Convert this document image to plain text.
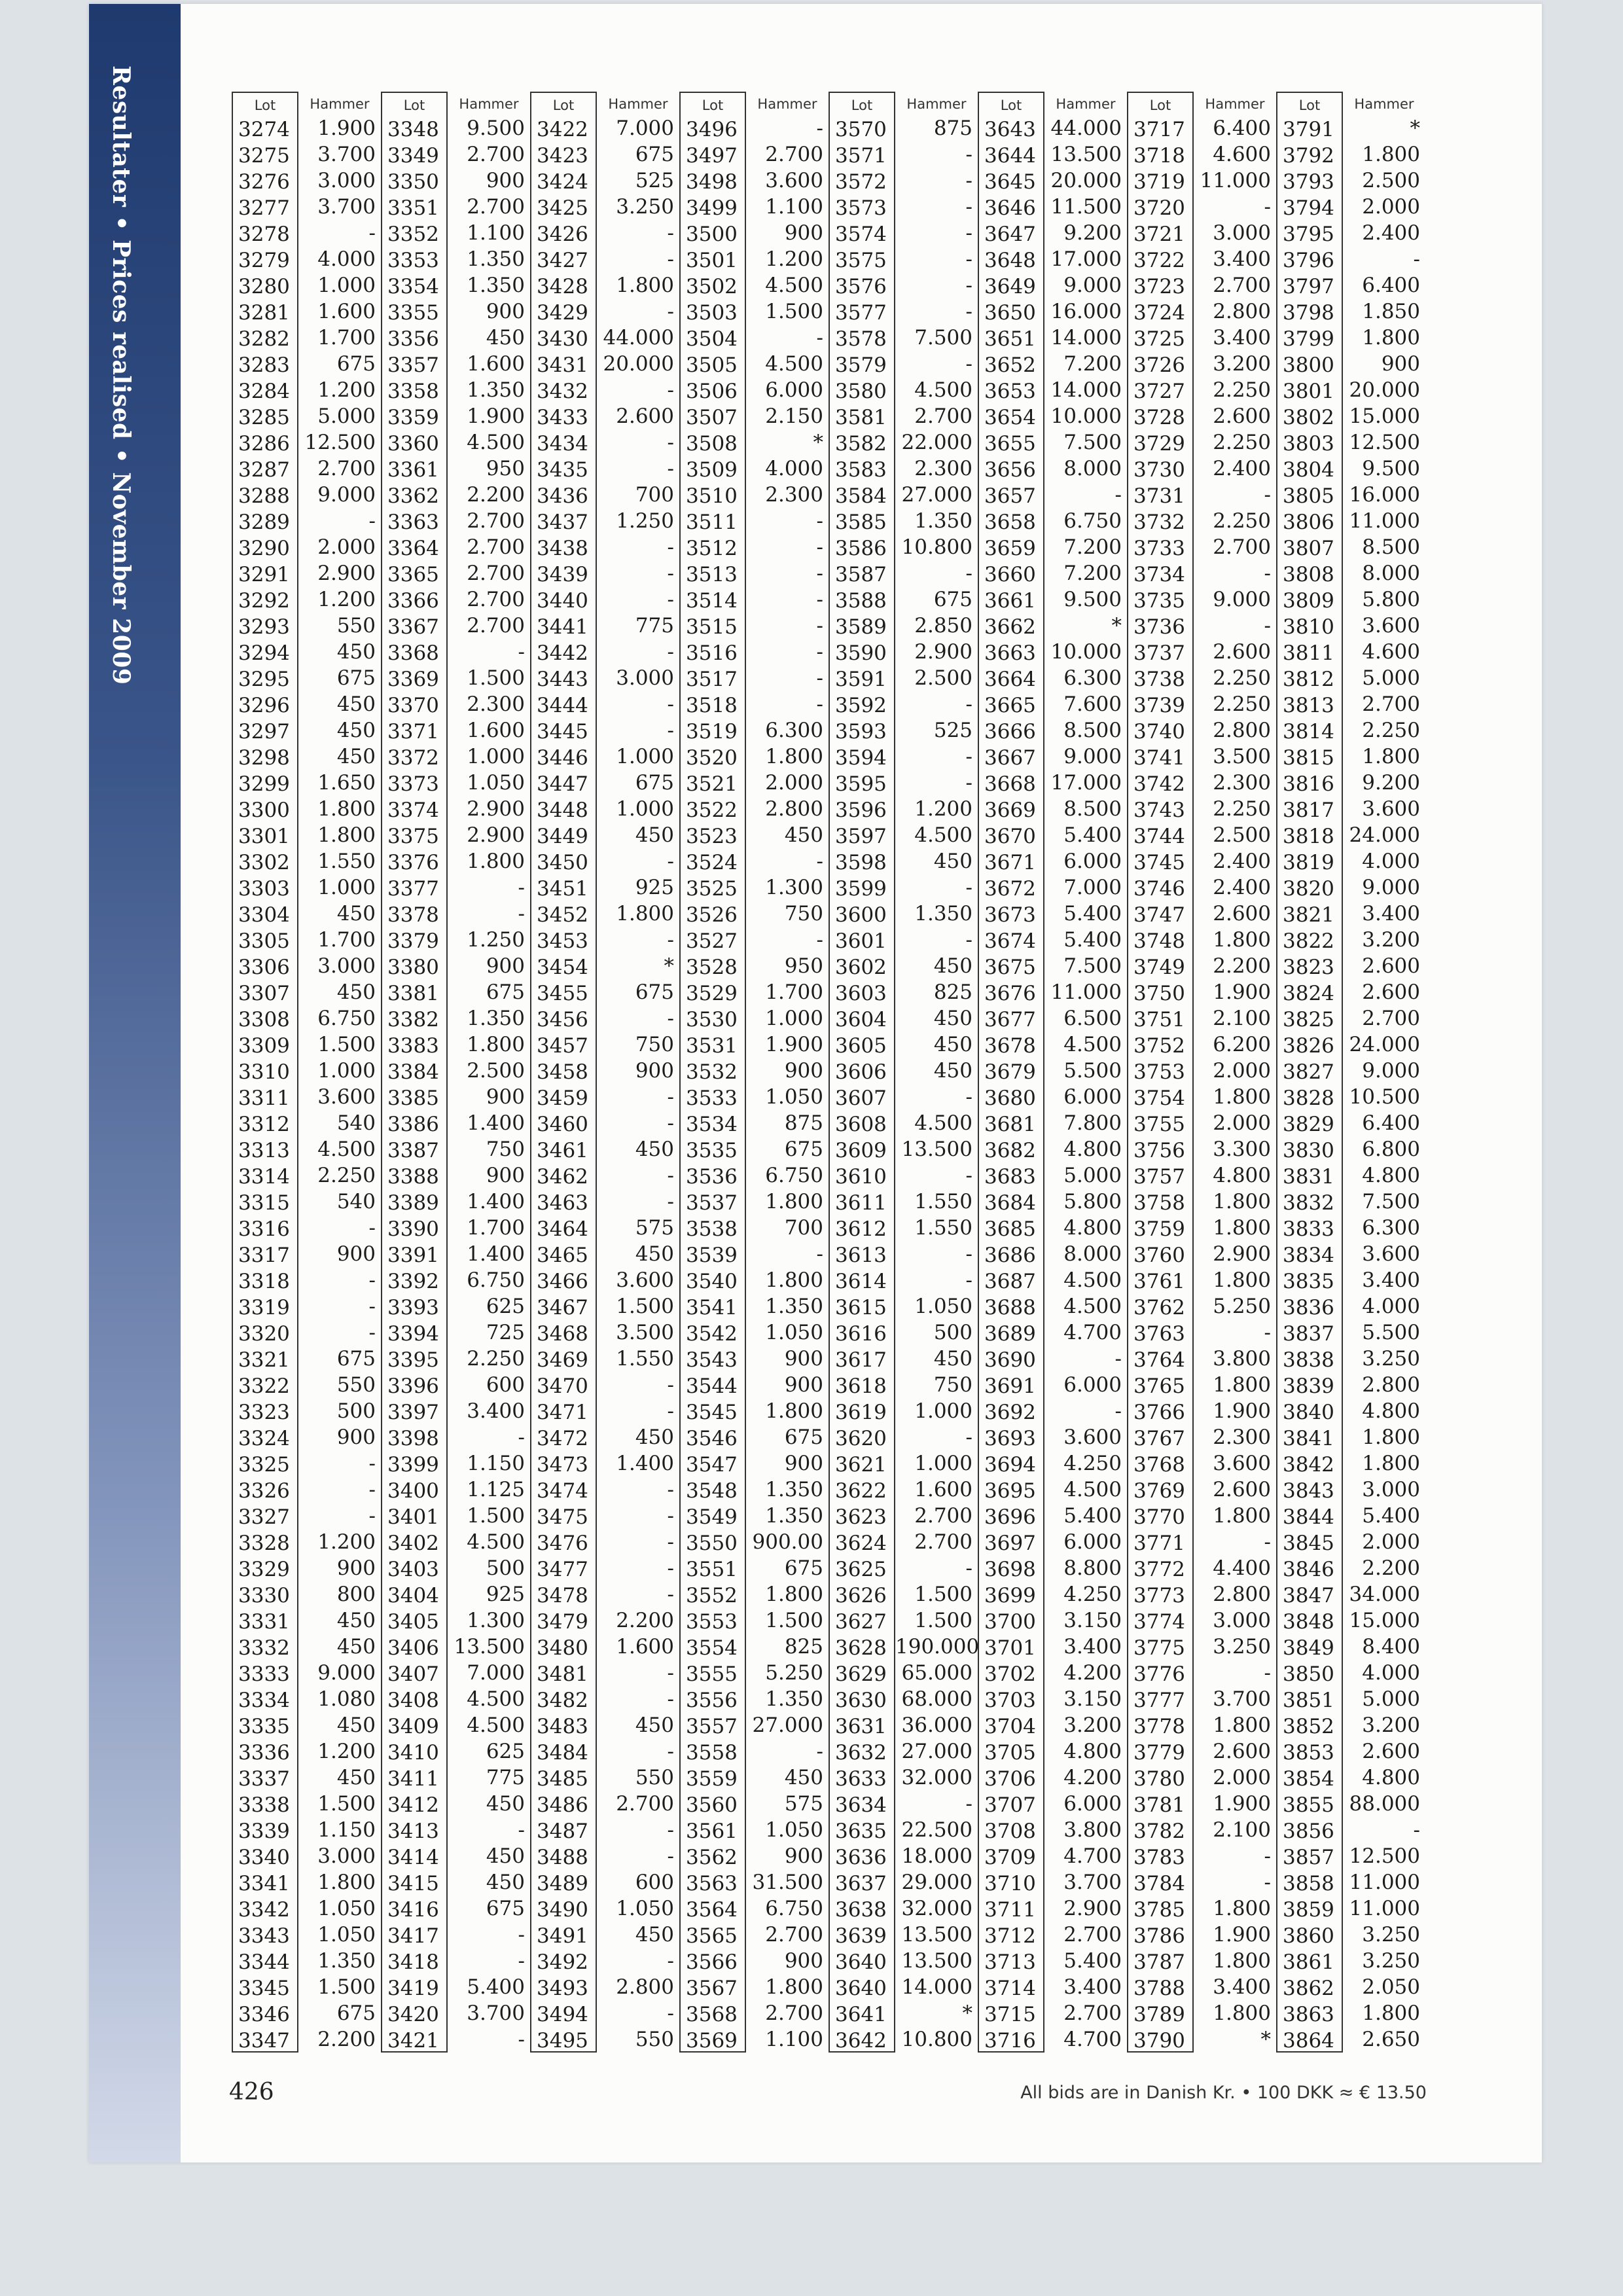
Resultater • Prices realised • November 2009	Lot
3274
3275
3276
3277
3278
3279
3280
3281
3282
3283
3284
3285
3286
3287
3288
3289
3290
3291
3292
3293
3294
3295
3296
3297
3298
3299
3300
3301
3302
3303
3304
3305
3306
3307
3308
3309
3310
3311
3312
3313
3314
3315
3316
3317
3318
3319
3320
3321
3322
3323
3324
3325
3326
3327
3328
3329
3330
3331
3332
3333
3334
3335
3336
3337
3338
3339
3340
3341
3342
3343
3344
3345
3346
3347
Hammer
1.900
3.700
3.000
3.700
-
4.000
1.000
1.600
1.700
675
1.200
5.000
12.500
2.700
9.000
-
2.000
2.900
1.200
550
450
675
450
450
450
1.650
1.800
1.800
1.550
1.000
450
1.700
3.000
450
6.750
1.500
1.000
3.600
540
4.500
2.250
540
-
900
-
-
-
675
550
500
900
-
-
-
1.200
900
800
450
450
9.000
1.080
450
1.200
450
1.500
1.150
3.000
1.800
1.050
1.050
1.350
1.500
675
2.200
Lot
3348
3349
3350
3351
3352
3353
3354
3355
3356
3357
3358
3359
3360
3361
3362
3363
3364
3365
3366
3367
3368
3369
3370
3371
3372
3373
3374
3375
3376
3377
3378
3379
3380
3381
3382
3383
3384
3385
3386
3387
3388
3389
3390
3391
3392
3393
3394
3395
3396
3397
3398
3399
3400
3401
3402
3403
3404
3405
3406
3407
3408
3409
3410
3411
3412
3413
3414
3415
3416
3417
3418
3419
3420
3421
Hammer
9.500
2.700
900
2.700
1.100
1.350
1.350
900
450
1.600
1.350
1.900
4.500
950
2.200
2.700
2.700
2.700
2.700
2.700
-
1.500
2.300
1.600
1.000
1.050
2.900
2.900
1.800
-
-
1.250
900
675
1.350
1.800
2.500
900
1.400
750
900
1.400
1.700
1.400
6.750
625
725
2.250
600
3.400
-
1.150
1.125
1.500
4.500
500
925
1.300
13.500
7.000
4.500
4.500
625
775
450
-
450
450
675
-
-
5.400
3.700
-
Lot
3422
3423
3424
3425
3426
3427
3428
3429
3430
3431
3432
3433
3434
3435
3436
3437
3438
3439
3440
3441
3442
3443
3444
3445
3446
3447
3448
3449
3450
3451
3452
3453
3454
3455
3456
3457
3458
3459
3460
3461
3462
3463
3464
3465
3466
3467
3468
3469
3470
3471
3472
3473
3474
3475
3476
3477
3478
3479
3480
3481
3482
3483
3484
3485
3486
3487
3488
3489
3490
3491
3492
3493
3494
3495
Hammer
7.000
675
525
3.250
-
-
1.800
-
44.000
20.000
-
2.600
-
-
700
1.250
-
-
-
775
-
3.000
-
-
1.000
675
1.000
450
-
925
1.800
-
*
675
-
750
900
-
-
450
-
-
575
450
3.600
1.500
3.500
1.550
-
-
450
1.400
-
-
-
-
-
2.200
1.600
-
-
450
-
550
2.700
-
-
600
1.050
450
-
2.800
-
550
Lot
3496
3497
3498
3499
3500
3501
3502
3503
3504
3505
3506
3507
3508
3509
3510
3511
3512
3513
3514
3515
3516
3517
3518
3519
3520
3521
3522
3523
3524
3525
3526
3527
3528
3529
3530
3531
3532
3533
3534
3535
3536
3537
3538
3539
3540
3541
3542
3543
3544
3545
3546
3547
3548
3549
3550
3551
3552
3553
3554
3555
3556
3557
3558
3559
3560
3561
3562
3563
3564
3565
3566
3567
3568
3569
Hammer
-
2.700
3.600
1.100
900
1.200
4.500
1.500
-
4.500
6.000
2.150
*
4.000
2.300
-
-
-
-
-
-
-
-
6.300
1.800
2.000
2.800
450
-
1.300
750
-
950
1.700
1.000
1.900
900
1.050
875
675
6.750
1.800
700
-
1.800
1.350
1.050
900
900
1.800
675
900
1.350
1.350
900.00
675
1.800
1.500
825
5.250
1.350
27.000
-
450
575
1.050
900
31.500
6.750
2.700
900
1.800
2.700
1.100
Lot
3570
3571
3572
3573
3574
3575
3576
3577
3578
3579
3580
3581
3582
3583
3584
3585
3586
3587
3588
3589
3590
3591
3592
3593
3594
3595
3596
3597
3598
3599
3600
3601
3602
3603
3604
3605
3606
3607
3608
3609
3610
3611
3612
3613
3614
3615
3616
3617
3618
3619
3620
3621
3622
3623
3624
3625
3626
3627
3628
3629
3630
3631
3632
3633
3634
3635
3636
3637
3638
3639
3640
3640
3641
3642
Hammer
875
-
-
-
-
-
-
-
7.500
-
4.500
2.700
22.000
2.300
27.000
1.350
10.800
-
675
2.850
2.900
2.500
-
525
-
-
1.200
4.500
450
-
1.350
-
450
825
450
450
450
-
4.500
13.500
-
1.550
1.550
-
-
1.050
500
450
750
1.000
-
1.000
1.600
2.700
2.700
-
1.500
1.500
190.000
65.000
68.000
36.000
27.000
32.000
-
22.500
18.000
29.000
32.000
13.500
13.500
14.000
*
10.800
Lot
3643
3644
3645
3646
3647
3648
3649
3650
3651
3652
3653
3654
3655
3656
3657
3658
3659
3660
3661
3662
3663
3664
3665
3666
3667
3668
3669
3670
3671
3672
3673
3674
3675
3676
3677
3678
3679
3680
3681
3682
3683
3684
3685
3686
3687
3688
3689
3690
3691
3692
3693
3694
3695
3696
3697
3698
3699
3700
3701
3702
3703
3704
3705
3706
3707
3708
3709
3710
3711
3712
3713
3714
3715
3716
Hammer
44.000
13.500
20.000
11.500
9.200
17.000
9.000
16.000
14.000
7.200
14.000
10.000
7.500
8.000
-
6.750
7.200
7.200
9.500
*
10.000
6.300
7.600
8.500
9.000
17.000
8.500
5.400
6.000
7.000
5.400
5.400
7.500
11.000
6.500
4.500
5.500
6.000
7.800
4.800
5.000
5.800
4.800
8.000
4.500
4.500
4.700
-
6.000
-
3.600
4.250
4.500
5.400
6.000
8.800
4.250
3.150
3.400
4.200
3.150
3.200
4.800
4.200
6.000
3.800
4.700
3.700
2.900
2.700
5.400
3.400
2.700
4.700
Lot
3717
3718
3719
3720
3721
3722
3723
3724
3725
3726
3727
3728
3729
3730
3731
3732
3733
3734
3735
3736
3737
3738
3739
3740
3741
3742
3743
3744
3745
3746
3747
3748
3749
3750
3751
3752
3753
3754
3755
3756
3757
3758
3759
3760
3761
3762
3763
3764
3765
3766
3767
3768
3769
3770
3771
3772
3773
3774
3775
3776
3777
3778
3779
3780
3781
3782
3783
3784
3785
3786
3787
3788
3789
3790
Hammer
6.400
4.600
11.000
-
3.000
3.400
2.700
2.800
3.400
3.200
2.250
2.600
2.250
2.400
-
2.250
2.700
-
9.000
-
2.600
2.250
2.250
2.800
3.500
2.300
2.250
2.500
2.400
2.400
2.600
1.800
2.200
1.900
2.100
6.200
2.000
1.800
2.000
3.300
4.800
1.800
1.800
2.900
1.800
5.250
-
3.800
1.800
1.900
2.300
3.600
2.600
1.800
-
4.400
2.800
3.000
3.250
-
3.700
1.800
2.600
2.000
1.900
2.100
-
-
1.800
1.900
1.800
3.400
1.800
*
Lot
3791
3792
3793
3794
3795
3796
3797
3798
3799
3800
3801
3802
3803
3804
3805
3806
3807
3808
3809
3810
3811
3812
3813
3814
3815
3816
3817
3818
3819
3820
3821
3822
3823
3824
3825
3826
3827
3828
3829
3830
3831
3832
3833
3834
3835
3836
3837
3838
3839
3840
3841
3842
3843
3844
3845
3846
3847
3848
3849
3850
3851
3852
3853
3854
3855
3856
3857
3858
3859
3860
3861
3862
3863
3864
Hammer
*
1.800
2.500
2.000
2.400
-
6.400
1.850
1.800
900
20.000
15.000
12.500
9.500
16.000
11.000
8.500
8.000
5.800
3.600
4.600
5.000
2.700
2.250
1.800
9.200
3.600
24.000
4.000
9.000
3.400
3.200
2.600
2.600
2.700
24.000
9.000
10.500
6.400
6.800
4.800
7.500
6.300
3.600
3.400
4.000
5.500
3.250
2.800
4.800
1.800
1.800
3.000
5.400
2.000
2.200
34.000
15.000
8.400
4.000
5.000
3.200
2.600
4.800
88.000
-
12.500
11.000
11.000
3.250
3.250
2.050
1.800
2.650
426	All bids are in Danish Kr. • 100 DKK ≈ € 13.50
